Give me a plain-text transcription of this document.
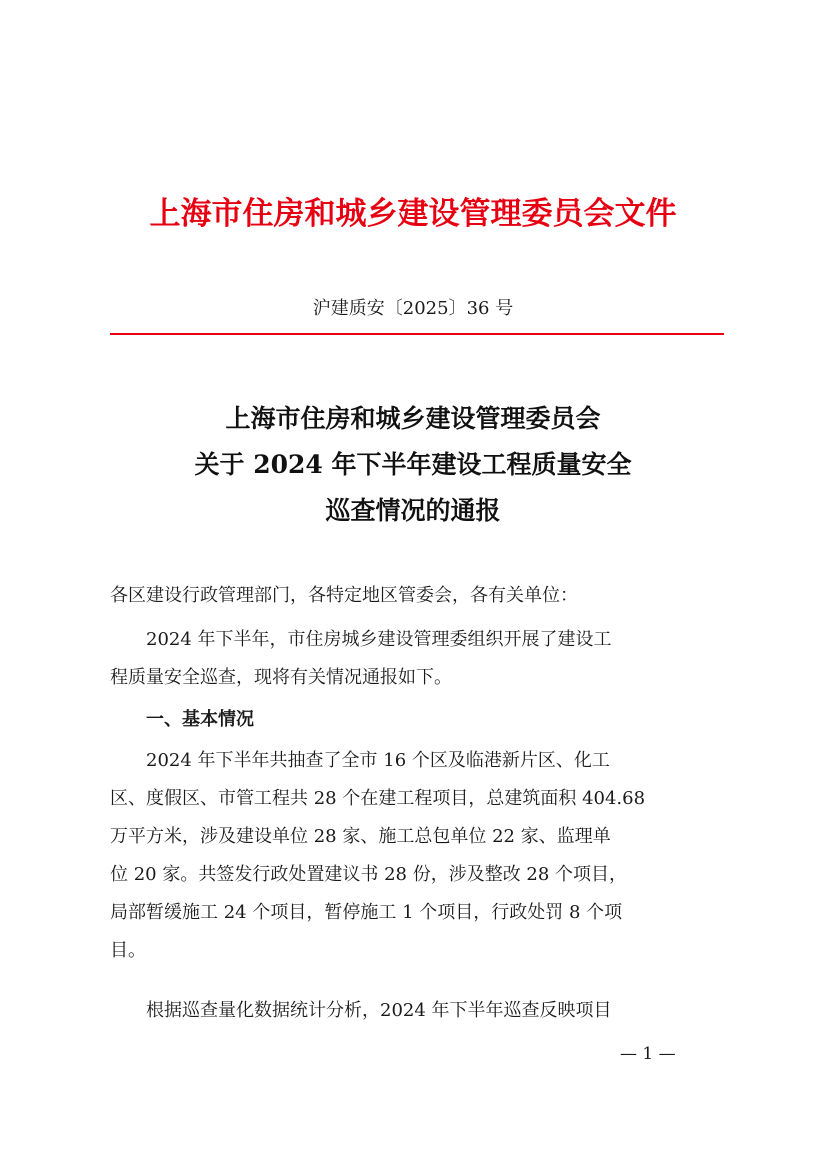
上海市住房和城乡建设管理委员会文件
沪建质安〔2025〕36 号
上海市住房和城乡建设管理委员会
关于 2024 年下半年建设工程质量安全
巡查情况的通报
各区建设行政管理部门，各特定地区管委会，各有关单位：
2024 年下半年，市住房城乡建设管理委组织开展了建设工
程质量安全巡查，现将有关情况通报如下。
一、基本情况
2024 年下半年共抽查了全市 16 个区及临港新片区、化工
区、度假区、市管工程共 28 个在建工程项目，总建筑面积 404.68
万平方米，涉及建设单位 28 家、施工总包单位 22 家、监理单
位 20 家。共签发行政处置建议书 28 份，涉及整改 28 个项目，
局部暂缓施工 24 个项目，暂停施工 1 个项目，行政处罚 8 个项
目。
根据巡查量化数据统计分析，2024 年下半年巡查反映项目
— 1 —
